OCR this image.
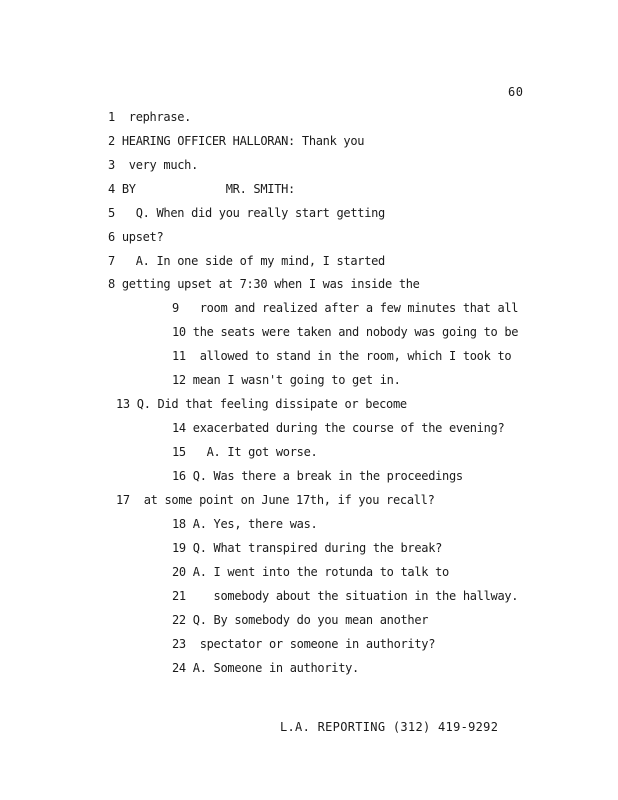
60
1  rephrase.
2 HEARING OFFICER HALLORAN: Thank you
3  very much.
4 BY             MR. SMITH:
5   Q. When did you really start getting
6 upset?
7   A. In one side of my mind, I started
8 getting upset at 7:30 when I was inside the
9   room and realized after a few minutes that all
10 the seats were taken and nobody was going to be
11  allowed to stand in the room, which I took to
12 mean I wasn't going to get in.
13 Q. Did that feeling dissipate or become
14 exacerbated during the course of the evening?
15   A. It got worse.
16 Q. Was there a break in the proceedings
17  at some point on June 17th, if you recall?
18 A. Yes, there was.
19 Q. What transpired during the break?
20 A. I went into the rotunda to talk to
21    somebody about the situation in the hallway.
22 Q. By somebody do you mean another
23  spectator or someone in authority?
24 A. Someone in authority.
L.A. REPORTING (312) 419-9292
